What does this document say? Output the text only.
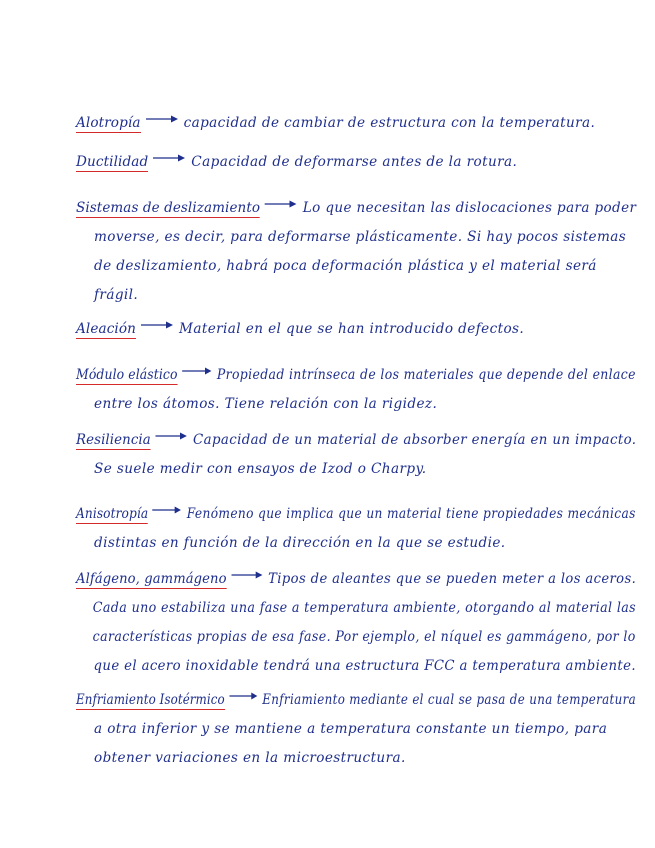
Alotropía	capacidad de cambiar de estructura con la temperatura.
Ductilidad	Capacidad de deformarse antes de la rotura.
Sistemas de deslizamiento	Lo que necesitan las dislocaciones para poder
moverse, es decir, para deformarse plásticamente. Si hay pocos sistemas
de deslizamiento, habrá poca deformación plástica y el material será
frágil.
Aleación	Material en el que se han introducido defectos.
Módulo elástico	Propiedad intrínseca de los materiales que depende del enlace
entre los átomos. Tiene relación con la rigidez.
Resiliencia	Capacidad de un material de absorber energía en un impacto.
Se suele medir con ensayos de Izod o Charpy.
Anisotropía	Fenómeno que implica que un material tiene propiedades mecánicas
distintas en función de la dirección en la que se estudie.
Alfágeno, gammágeno	Tipos de aleantes que se pueden meter a los aceros.
Cada uno estabiliza una fase a temperatura ambiente, otorgando al material las
características propias de esa fase. Por ejemplo, el níquel es gammágeno, por lo
que el acero inoxidable tendrá una estructura FCC a temperatura ambiente.
Enfriamiento Isotérmico	Enfriamiento mediante el cual se pasa de una temperatura
a otra inferior y se mantiene a temperatura constante un tiempo, para
obtener variaciones en la microestructura.
